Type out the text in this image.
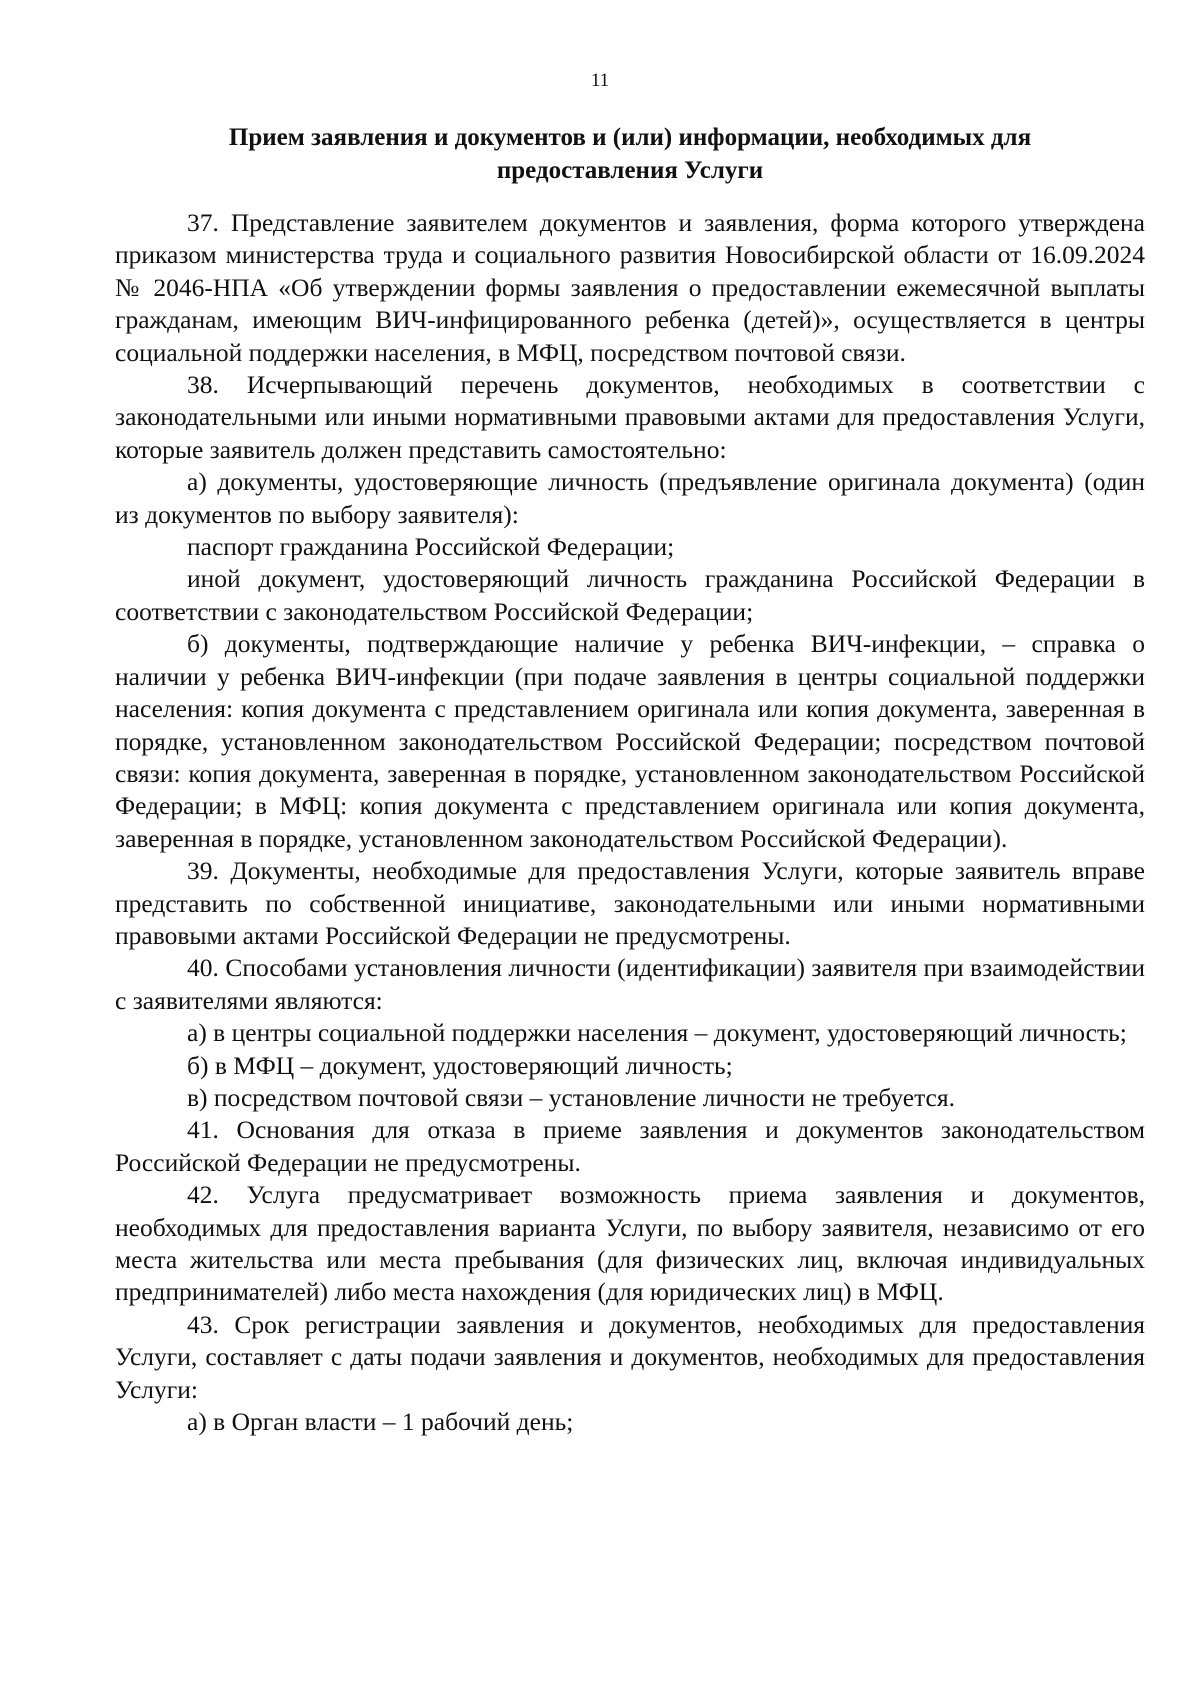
11
Прием заявления и документов и (или) информации, необходимых для
предоставления Услуги

37. Представление заявителем документов и заявления, форма которого утверждена приказом министерства труда и социального развития Новосибирской области от 16.09.2024 № 2046-НПА «Об утверждении формы заявления о предоставлении ежемесячной выплаты гражданам, имеющим ВИЧ-инфицированного ребенка (детей)», осуществляется в центры социальной поддержки населения, в МФЦ, посредством почтовой связи.

38. Исчерпывающий перечень документов, необходимых в соответствии с законодательными или иными нормативными правовыми актами для предоставления Услуги, которые заявитель должен представить самостоятельно:

а) документы, удостоверяющие личность (предъявление оригинала документа) (один из документов по выбору заявителя):

паспорт гражданина Российской Федерации;

иной документ, удостоверяющий личность гражданина Российской Федерации в соответствии с законодательством Российской Федерации;

б) документы, подтверждающие наличие у ребенка ВИЧ-инфекции, – справка о наличии у ребенка ВИЧ-инфекции (при подаче заявления в центры социальной поддержки населения: копия документа с представлением оригинала или копия документа, заверенная в порядке, установленном законодательством Российской Федерации; посредством почтовой связи: копия документа, заверенная в порядке, установленном законодательством Российской Федерации; в МФЦ: копия документа с представлением оригинала или копия документа, заверенная в порядке, установленном законодательством Российской Федерации).

39. Документы, необходимые для предоставления Услуги, которые заявитель вправе представить по собственной инициативе, законодательными или иными нормативными правовыми актами Российской Федерации не предусмотрены.

40. Способами установления личности (идентификации) заявителя при взаимодействии с заявителями являются:

а) в центры социальной поддержки населения – документ, удостоверяющий личность;

б) в МФЦ – документ, удостоверяющий личность;

в) посредством почтовой связи – установление личности не требуется.

41. Основания для отказа в приеме заявления и документов законодательством Российской Федерации не предусмотрены.

42. Услуга предусматривает возможность приема заявления и документов, необходимых для предоставления варианта Услуги, по выбору заявителя, независимо от его места жительства или места пребывания (для физических лиц, включая индивидуальных предпринимателей) либо места нахождения (для юридических лиц) в МФЦ.

43. Срок регистрации заявления и документов, необходимых для предоставления Услуги, составляет с даты подачи заявления и документов, необходимых для предоставления Услуги:

а) в Орган власти – 1 рабочий день;
